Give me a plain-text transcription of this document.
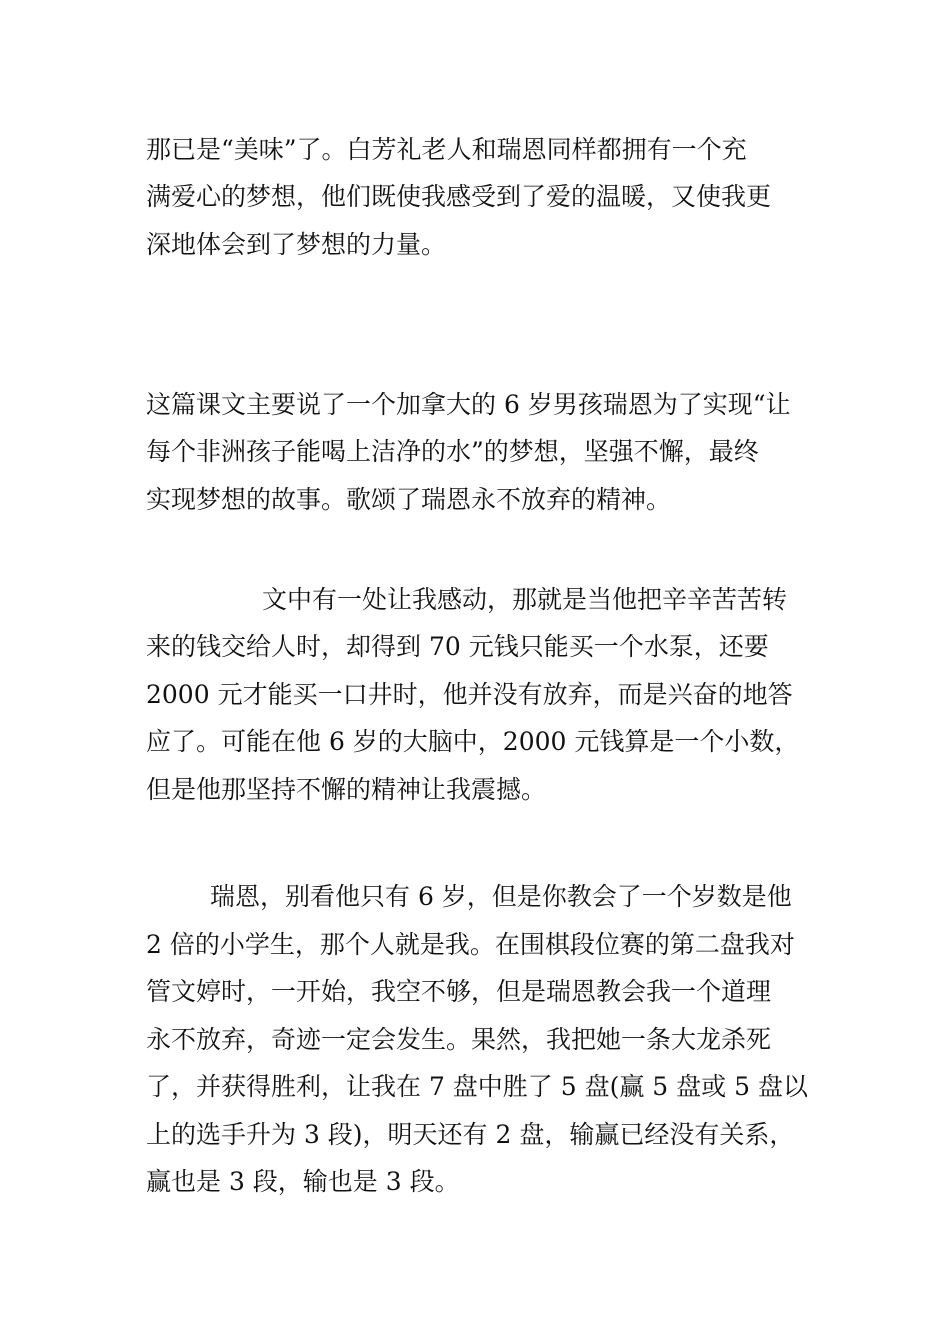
那已是“美味”了。白芳礼老人和瑞恩同样都拥有一个充

满爱心的梦想，他们既使我感受到了爱的温暖，又使我更

深地体会到了梦想的力量。

这篇课文主要说了一个加拿大的 6 岁男孩瑞恩为了实现“让

每个非洲孩子能喝上洁净的水”的梦想，坚强不懈，最终

实现梦想的故事。歌颂了瑞恩永不放弃的精神。

文中有一处让我感动，那就是当他把辛辛苦苦转

来的钱交给人时，却得到 70 元钱只能买一个水泵，还要

2000 元才能买一口井时，他并没有放弃，而是兴奋的地答

应了。可能在他 6 岁的大脑中，2000 元钱算是一个小数，

但是他那坚持不懈的精神让我震撼。

瑞恩，别看他只有 6 岁，但是你教会了一个岁数是他

2 倍的小学生，那个人就是我。在围棋段位赛的第二盘我对

管文婷时，一开始，我空不够，但是瑞恩教会我一个道理

永不放弃，奇迹一定会发生。果然，我把她一条大龙杀死

了，并获得胜利，让我在 7 盘中胜了 5 盘(赢 5 盘或 5 盘以

上的选手升为 3 段)，明天还有 2 盘，输赢已经没有关系，

赢也是 3 段，输也是 3 段。
